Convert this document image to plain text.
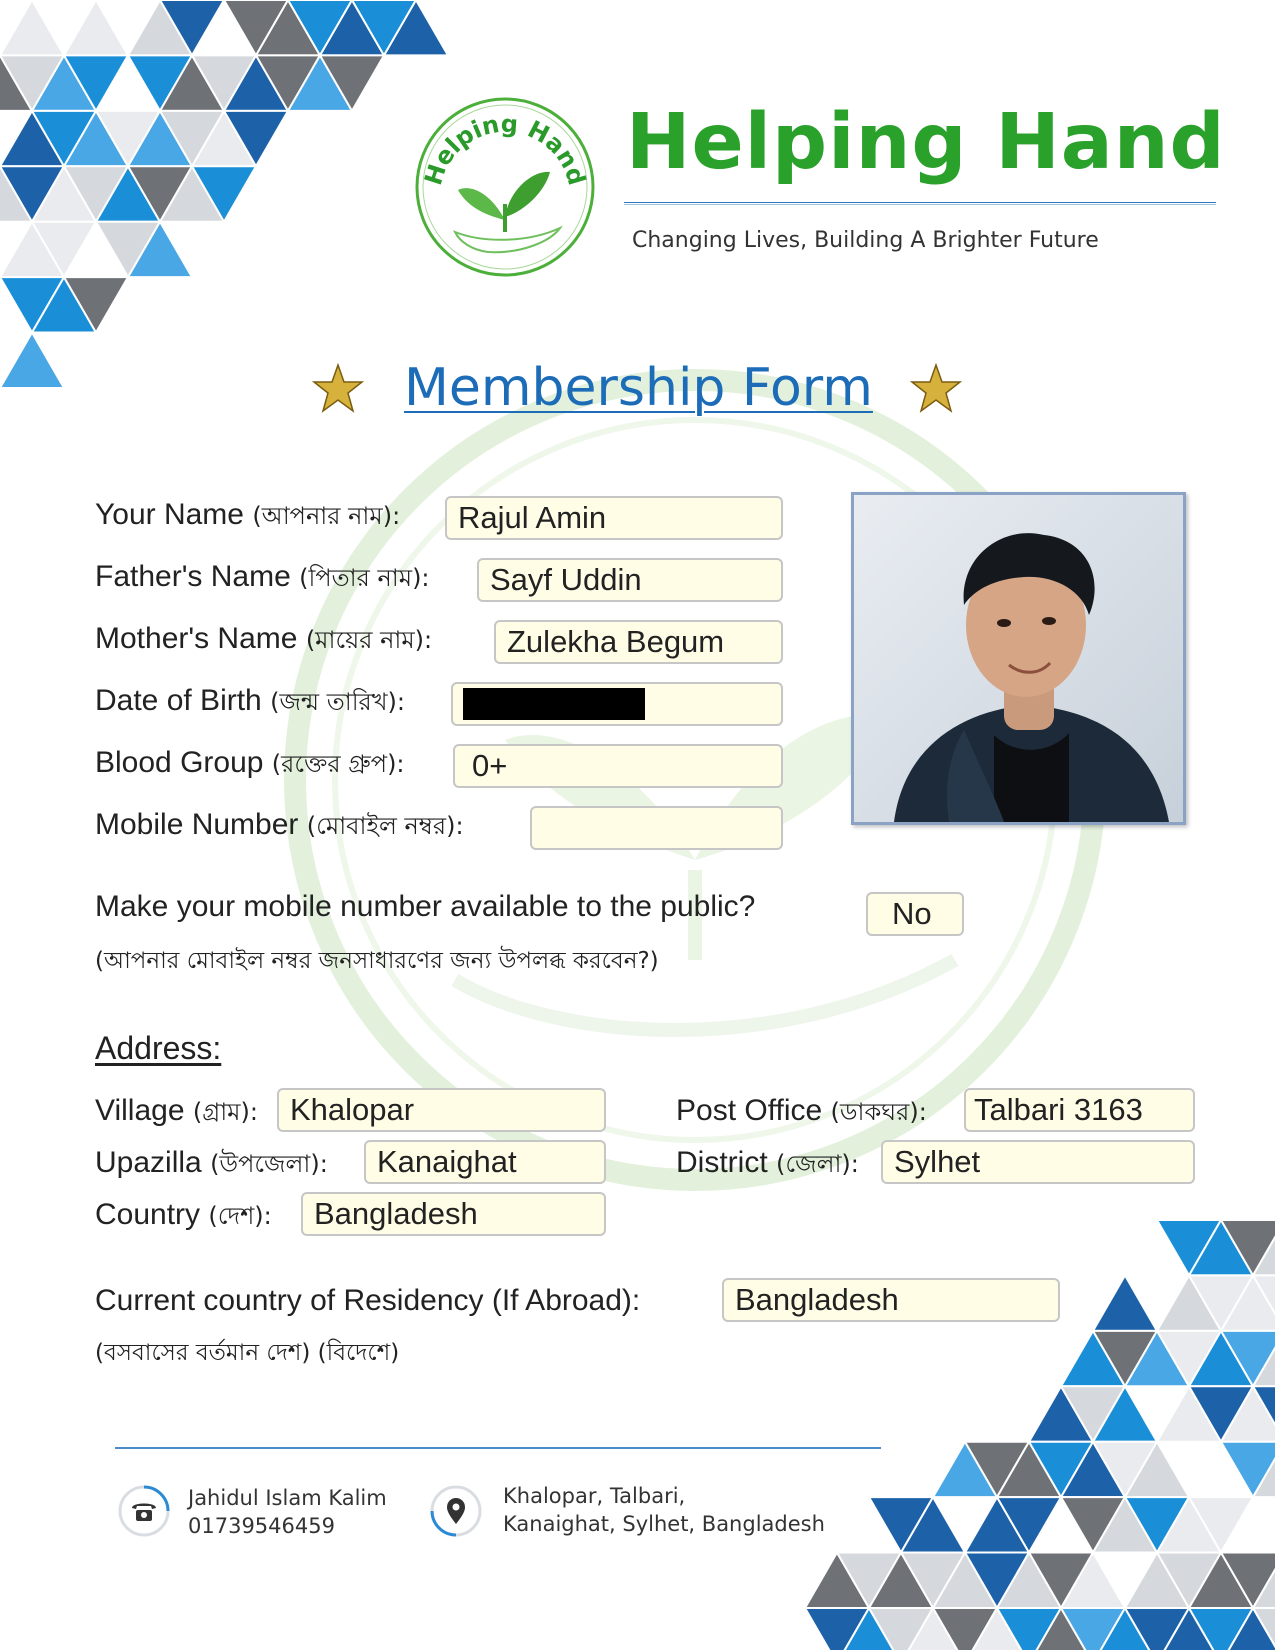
Helping Hand Helping Hand
Changing Lives, Building A Brighter Future
Membership Form
Your Name (আপনার নাম):	Rajul Amin
Father's Name (পিতার নাম):	Sayf Uddin
Mother's Name (মায়ের নাম):	Zulekha Begum
Date of Birth (জন্ম তারিখ):
Blood Group (রক্তের গ্রুপ):	0+
Mobile Number (মোবাইল নম্বর):
Make your mobile number available to the public?	No
(আপনার মোবাইল নম্বর জনসাধারণের জন্য উপলব্ধ করবেন?)
Address:
Village (গ্রাম):	Khalopar	Post Office (ডাকঘর):	Talbari 3163
Upazilla (উপজেলা):	Kanaighat	District (জেলা):	Sylhet
Country (দেশ):	Bangladesh
Current country of Residency (If Abroad):	Bangladesh
(বসবাসের বর্তমান দেশ) (বিদেশে)
Jahidul Islam Kalim
01739546459
Khalopar, Talbari,
Kanaighat, Sylhet, Bangladesh
